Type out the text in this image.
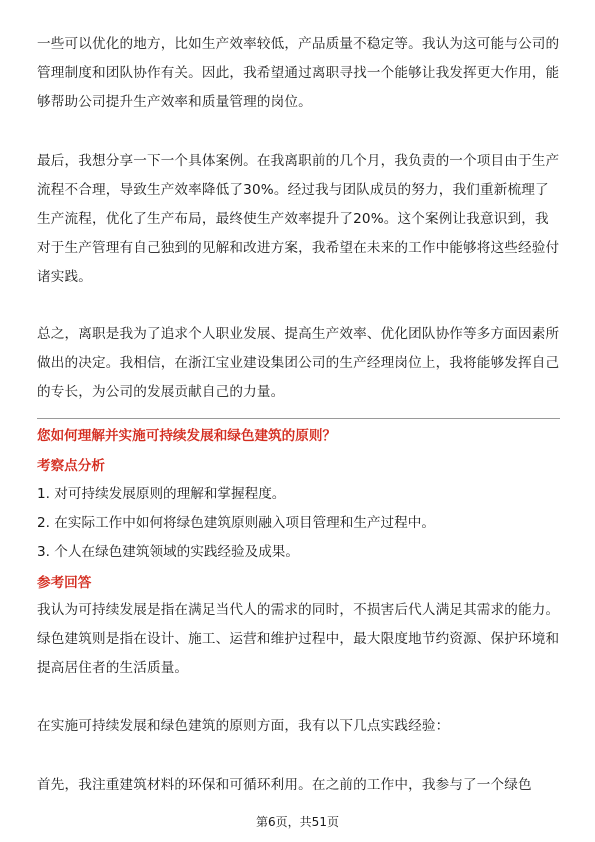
一些可以优化的地方，比如生产效率较低，产品质量不稳定等。我认为这可能与公司的管理制度和团队协作有关。因此，我希望通过离职寻找一个能够让我发挥更大作用，能够帮助公司提升生产效率和质量管理的岗位。

最后，我想分享一下一个具体案例。在我离职前的几个月，我负责的一个项目由于生产流程不合理，导致生产效率降低了30%。经过我与团队成员的努力，我们重新梳理了生产流程，优化了生产布局，最终使生产效率提升了20%。这个案例让我意识到，我对于生产管理有自己独到的见解和改进方案，我希望在未来的工作中能够将这些经验付诸实践。

总之，离职是我为了追求个人职业发展、提高生产效率、优化团队协作等多方面因素所做出的决定。我相信，在浙江宝业建设集团公司的生产经理岗位上，我将能够发挥自己的专长，为公司的发展贡献自己的力量。

您如何理解并实施可持续发展和绿色建筑的原则？

考察点分析

1. 对可持续发展原则的理解和掌握程度。

2. 在实际工作中如何将绿色建筑原则融入项目管理和生产过程中。

3. 个人在绿色建筑领域的实践经验及成果。

参考回答

我认为可持续发展是指在满足当代人的需求的同时，不损害后代人满足其需求的能力。绿色建筑则是指在设计、施工、运营和维护过程中，最大限度地节约资源、保护环境和提高居住者的生活质量。

在实施可持续发展和绿色建筑的原则方面，我有以下几点实践经验：

首先，我注重建筑材料的环保和可循环利用。在之前的工作中，我参与了一个绿色

第6页，共51页
